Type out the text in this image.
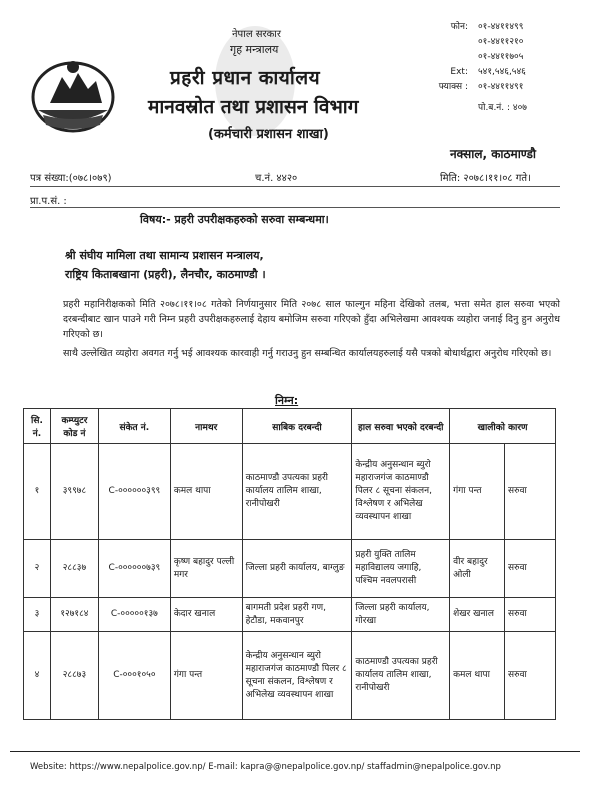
नेपाल सरकार
गृह मन्त्रालय
प्रहरी प्रधान कार्यालय
मानवस्रोत तथा प्रशासन विभाग
(कर्मचारी प्रशासन शाखा)
फोन:	०१-४४११४९९
०१-४४११२१०
०१-४४११७०५
Ext:	५४१,५४६,५४६
फ्याक्स :	०१-४४११४९१
पो.ब.नं. : ४०७
नक्साल, काठमाण्डौ
पत्र संख्या:(०७८।०७९)	च.नं. ४४२०	मिति: २०७८।११।०८ गते।
प्रा.प.सं. :
विषय:- प्रहरी उपरीक्षकहरुको सरुवा सम्बन्धमा।
श्री संघीय मामिला तथा सामान्य प्रशासन मन्त्रालय,
राष्ट्रिय किताबखाना (प्रहरी), लैनचौर, काठमाण्डौ ।

प्रहरी महानिरीक्षकको मिति २०७८।११।०८ गतेको निर्णयानुसार मिति २०७८ साल फाल्गुन महिना देखिको तलब, भत्ता समेत हाल सरुवा भएको दरबन्दीबाट खान पाउने गरी निम्न प्रहरी उपरीक्षकहरुलाई देहाय बमोजिम सरुवा गरिएको हुँदा अभिलेखमा आवश्यक व्यहोरा जनाई दिनु हुन अनुरोध गरिएको छ।

साथै उल्लेखित व्यहोरा अवगत गर्नु भई आवश्यक कारवाही गर्नु गराउनु हुन सम्बन्धित कार्यालयहरुलाई यसै पत्रको बोधार्थद्वारा अनुरोध गरिएको छ।

निम्न:
सि. नं.	कम्प्युटर कोड नं	संकेत नं.	नामथर	साबिक दरबन्दी	हाल सरुवा भएको दरबन्दी	खालीको कारण	
१	३९९७८	C-००००००३९९	कमल थापा	काठमाण्डौ उपत्यका प्रहरी कार्यालय तालिम शाखा, रानीपोखरी	केन्द्रीय अनुसन्धान ब्युरो महाराजगंज काठमाण्डौ पिलर ८ सूचना संकलन, विश्लेषण र अभिलेख व्यवस्थापन शाखा	गंगा पन्त	सरुवा
२	२८८३७	C-००००००७३९	कृष्ण बहादुर पल्ली मगर	जिल्ला प्रहरी कार्यालय, बाग्लुङ	प्रहरी युक्ति तालिम महाविद्यालय जगाहि, पश्चिम नवलपरासी	वीर बहादुर ओली	सरुवा
३	१२७१८४	C-०००००१३७	केदार खनाल	बागमती प्रदेश प्रहरी गण, हेटौडा, मकवानपुर	जिल्ला प्रहरी कार्यालय, गोरखा	शेखर खनाल	सरुवा
४	२८८७३	C-०००१०५०	गंगा पन्त	केन्द्रीय अनुसन्धान ब्युरो महाराजगंज काठमाण्डौ पिलर ८ सूचना संकलन, विश्लेषण र अभिलेख व्यवस्थापन शाखा	काठमाण्डौ उपत्यका प्रहरी कार्यालय तालिम शाखा, रानीपोखरी	कमल थापा	सरुवा
Website: https://www.nepalpolice.gov.np/ E-mail: kapra@@nepalpolice.gov.np/ staffadmin@nepalpolice.gov.np
